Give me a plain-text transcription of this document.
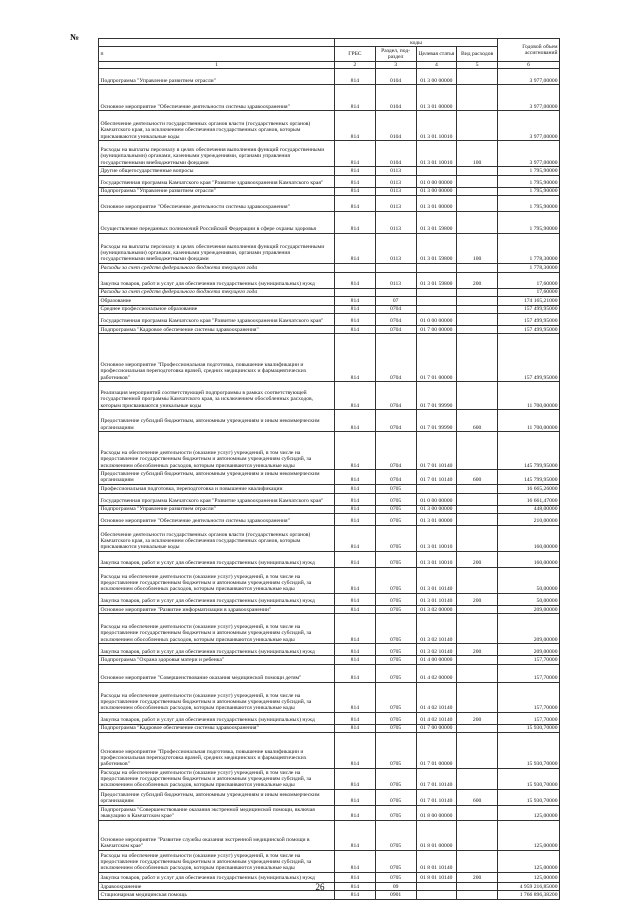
№
	коды				Годовой объем ассигнований
п	ГРБС	Раздел, под-раздел	Целевая статья	Вид расходов	
1	2	3	4	5	6
Подпрограмма "Управление развитием отрасли"	814	0104	01 3 00 00000		3 977,00000
Основное мероприятие "Обеспечение деятельности системы здравоохранения"	814	0104	01 3 01 00000		3 977,00000
Обеспечение деятельности государственных органов власти (государственных органов) Камчатского края, за исключением обеспечения государственных органов, которым присваиваются уникальные коды	814	0104	01 3 01 10010		3 977,00000
Расходы на выплаты персоналу в целях обеспечения выполнения функций государственными (муниципальными) органами, казенными учреждениями, органами управления государственными внебюджетными фондами	814	0104	01 3 01 10010	100	3 977,00000
Другие общегосударственные вопросы	814	0113			1 795,90000
Государственная программа Камчатского края "Развитие здравоохранения Камчатского края"	814	0113	01 0 00 00000		1 795,90000
Подпрограмма "Управление развитием отрасли"	814	0113	01 3 00 00000		1 795,90000
Основное мероприятие "Обеспечение деятельности системы здравоохранения"	814	0113	01 3 01 00000		1 795,90000
Осуществление переданных полномочий Российской Федерации в сфере охраны здоровья	814	0113	01 3 01 59800		1 795,90000
Расходы на выплаты персоналу в целях обеспечения выполнения функций государственными (муниципальными) органами, казенными учреждениями, органами управления государственными внебюджетными фондами	814	0113	01 3 01 59800	100	1 778,30000
Расходы за счет средств федерального бюджета текущего года					1 778,30000
Закупка товаров, работ и услуг для обеспечения государственных (муниципальных) нужд	814	0113	01 3 01 59800	200	17,60000
Расходы за счет средств федерального бюджета текущего года					17,60000
Образование	814	07			174 165,21000
Среднее профессиональное образование	814	0704			157 499,95000
Государственная программа Камчатского края "Развитие здравоохранения Камчатского края"	814	0704	01 0 00 00000		157 499,95000
Подпрограмма "Кадровое обеспечение системы здравоохранения"	814	0704	01 7 00 00000		157 499,95000
Основное мероприятие "Профессиональная подготовка, повышение квалификации и профессиональная переподготовка врачей, средних медицинских и фармацевтических работников"	814	0704	01 7 01 00000		157 499,95000
Реализация мероприятий соответствующей подпрограммы в рамках соответствующей государственной программы Камчатского края, за исключением обособленных расходов, которым присваиваются уникальные коды	814	0704	01 7 01 99990		11 700,00000
Предоставление субсидий бюджетным, автономным учреждениям и иным некоммерческим организациям	814	0704	01 7 01 99990	600	11 700,00000
Расходы на обеспечение деятельности (оказание услуг) учреждений, в том числе на предоставление государственным бюджетным и автономным учреждениям субсидий, за исключением обособленных расходов, которым присваиваются уникальные коды	814	0704	01 7 01 10140		145 799,95000
Предоставление субсидий бюджетным, автономным учреждениям и иным некоммерческим организациям	814	0704	01 7 01 10140	600	145 799,95000
Профессиональная подготовка, переподготовка и повышение квалификации	814	0705			16 665,26000
Государственная программа Камчатского края "Развитие здравоохранения Камчатского края"	814	0705	01 0 00 00000		16 661,47000
Подпрограмма "Управление развитием отрасли"	814	0705	01 3 00 00000		448,00000
Основное мероприятие "Обеспечение деятельности системы здравоохранения"	814	0705	01 3 01 00000		210,00000
Обеспечение деятельности государственных органов власти (государственных органов) Камчатского края, за исключением обеспечения государственных органов, которым присваиваются уникальные коды	814	0705	01 3 01 10010		160,00000
Закупка товаров, работ и услуг для обеспечения государственных (муниципальных) нужд	814	0705	01 3 01 10010	200	160,00000
Расходы на обеспечение деятельности (оказание услуг) учреждений, в том числе на предоставление государственным бюджетным и автономным учреждениям субсидий, за исключением обособленных расходов, которым присваиваются уникальные коды	814	0705	01 3 01 10140		50,00000
Закупка товаров, работ и услуг для обеспечения государственных (муниципальных) нужд	814	0705	01 3 01 10140	200	50,00000
Основное мероприятие "Развитие информатизации в здравоохранении"	814	0705	01 3 02 00000		209,00000
Расходы на обеспечение деятельности (оказание услуг) учреждений, в том числе на предоставление государственным бюджетным и автономным учреждениям субсидий, за исключением обособленных расходов, которым присваиваются уникальные коды	814	0705	01 3 02 10140		209,00000
Закупка товаров, работ и услуг для обеспечения государственных (муниципальных) нужд	814	0705	01 3 02 10140	200	209,00000
Подпрограмма "Охрана здоровья матери и ребенка"	814	0705	01 4 00 00000		157,70000
Основное мероприятие "Совершенствование оказания медицинской помощи детям"	814	0705	01 4 02 00000		157,70000
Расходы на обеспечение деятельности (оказание услуг) учреждений, в том числе на предоставление государственным бюджетным и автономным учреждениям субсидий, за исключением обособленных расходов, которым присваиваются уникальные коды	814	0705	01 4 02 10140		157,70000
Закупка товаров, работ и услуг для обеспечения государственных (муниципальных) нужд	814	0705	01 4 02 10140	200	157,70000
Подпрограмма "Кадровое обеспечение системы здравоохранения"	814	0705	01 7 00 00000		15 930,70000
Основное мероприятие "Профессиональная подготовка, повышение квалификации и профессиональная переподготовка врачей, средних медицинских и фармацевтических работников"	814	0705	01 7 01 00000		15 930,70000
Расходы на обеспечение деятельности (оказание услуг) учреждений, в том числе на предоставление государственным бюджетным и автономным учреждениям субсидий, за исключением обособленных расходов, которым присваиваются уникальные коды	814	0705	01 7 01 10140		15 930,70000
Предоставление субсидий бюджетным, автономным учреждениям и иным некоммерческим организациям	814	0705	01 7 01 10140	600	15 930,70000
Подпрограмма "Совершенствование оказания экстренной медицинской помощи, включая эвакуацию в Камчатском крае"	814	0705	01 8 00 00000		125,00000
Основное мероприятие "Развитие службы оказания экстренной медицинской помощи в Камчатском крае"	814	0705	01 8 01 00000		125,00000
Расходы на обеспечение деятельности (оказание услуг) учреждений, в том числе на предоставление государственным бюджетным и автономным учреждениям субсидий, за исключением обособленных расходов, которым присваиваются уникальные коды	814	0705	01 8 01 10140		125,00000
Закупка товаров, работ и услуг для обеспечения государственных (муниципальных) нужд	814	0705	01 8 01 10140	200	125,00000
Здравоохранение	814	09			4 959 216,85000
Стационарная медицинская помощь	814	0901			1 766 896,38200
26
